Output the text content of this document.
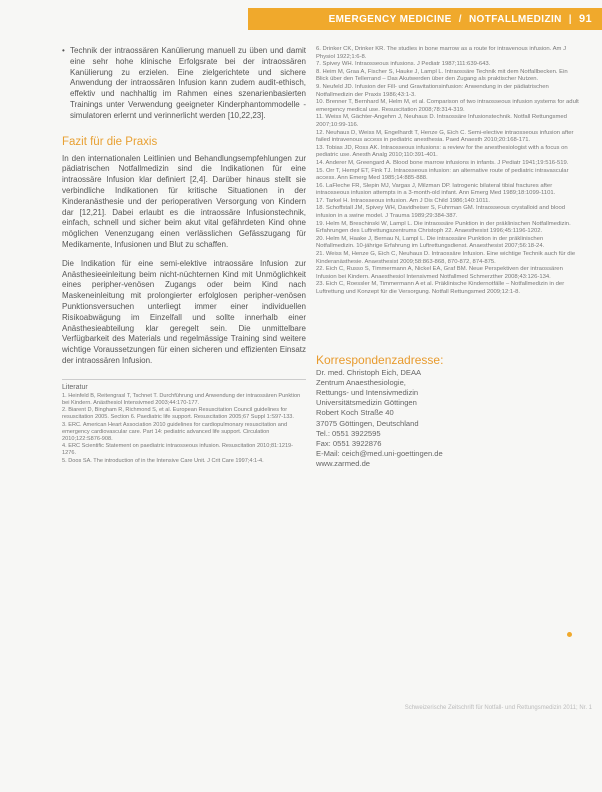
EMERGENCY MEDICINE / NOTFALLMEDIZIN | 91

• Technik der intraossären Kanülierung manuell zu üben und damit eine sehr hohe klinische Erfolgsrate bei der intraossären Kanülierung zu erzielen. Eine zielgerichtete und sichere Anwendung der intraossären Infusion kann zudem audit-ethisch, effektiv und nachhaltig im Rahmen eines szenarienbasierten Trainings unter Verwendung geeigneter Kinderphantommodelle -simulatoren erlernt und verinnerlicht werden [10,22,23].

Fazit für die Praxis

In den internationalen Leitlinien und Behandlungsempfehlungen zur pädiatrischen Notfallmedizin sind die Indikationen für eine intraossäre Infusion klar definiert [2,4]. Darüber hinaus stellt sie verbindliche Indikationen für kritische Situationen in der Kinderanästhesie und der perioperativen Versorgung von Kindern dar [12,21]. Dabei erlaubt es die intraossäre Infusionstechnik, einfach, schnell und sicher beim akut vital gefährdeten Kind ohne möglichen Venenzugang einen verlässlichen Gefässzugang für Medikamente, Infusionen und Blut zu schaffen.

Die Indikation für eine semi-elektive intraossäre Infusion zur Anästhesieeinleitung beim nicht-nüchternen Kind mit Unmöglichkeit eines peripher-venösen Zugangs oder beim Kind nach Maskeneinleitung mit prolongierter erfolglosen peripher-venösen Punktionsversuchen unterliegt immer einer individuellen Risikoabwägung im Einzelfall und sollte innerhalb einer Anästhesieabteilung klar geregelt sein. Die unmittelbare Verfügbarkeit des Materials und regelmässige Training sind weitere wichtige Voraussetzungen für einen sicheren und effizienten Einsatz der intraossären Infusion.

Literatur
1. Heinfeld B, Reitengrasl T, Tschnet T. Durchführung und Anwendung der intraossären Punktion bei Kindern. Anästhesiol Intensivmed 2003;44:170-177.
2. Biarent D, Bingham R, Richmond S, et al. European Resuscitation Council guidelines for resuscitation 2005. Section 6. Paediatric life support. Resuscitation 2005;67 Suppl 1:S97-133.
3. ERC. American Heart Association 2010 guidelines for cardiopulmonary resuscitation and emergency cardiovascular care. Part 14: pediatric advanced life support. Circulation 2010;122:S876-908.
4. ERC Scientific Statement on paediatric intraosseous infusion. Resuscitation 2010;81:1219-1276.
5. Doos SA. The introduction of in the Intensive Care Unit. J Crit Care 1997;4:1-4.
6. Drinker CK, Drinker KR. The studies in bone marrow as a route for intravenous infusion. Am J Physiol 1922;1:6-8.
7. Spivey WH. Intraosseous infusions. J Pediatr 1987;111:639-643.
8. Heim M, Graa A, Fischer S, Hauke J, Lampl L. Intraossäre Technik mit dem Notfallbecken. Ein Blick über den Tellerrand – Das Akutwerden über den Zugang als praktischer Nutzen.
9. Neufeld JD. Infusion der Fill- und Gravitationsinfusion: Anwendung in der pädiatrischen Notfallmedizin der Praxis 1986;43:1-3.
10. Brenner T, Bernhard M, Helm M, et al. Comparison of two intraosseous infusion systems for adult emergency medical use. Resuscitation 2008;78:314-319.
11. Weiss M, Gächter-Angehrn J, Neuhaus D. Intraossäre Infusionstechnik. Notfall Rettungsmed 2007;10:99-116.
12. Neuhaus D, Weiss M, Engelhardt T, Henze G, Eich C. Semi-elective intraosseous infusion after failed intravenous access in pediatric anesthesia. Paed Anaesth 2010;20:168-171.
13. Tobias JD, Ross AK. Intraosseous infusions: a review for the anesthesiologist with a focus on pediatric use. Anesth Analg 2010;110:391-401.
14. Anderer M, Greengard A. Blood bone marrow infusions in infants. J Pediatr 1941;19:516-519.
15. Orr T, Hempf ET, Fink TJ. Intraosseous infusion: an alternative route of pediatric intravascular access. Ann Emerg Med 1985;14:885-888.
16. LaFleche FR, Slepin MJ, Vargas J, Milzman DP. Iatrogenic bilateral tibial fractures after intraosseous infusion attempts in a 3-month-old infant. Ann Emerg Med 1989;18:1099-1101.
17. Tarkel H. Intraosseous infusion. Am J Dis Child 1986;140:1011.
18. Schoffstall JM, Spivey WH, Davidheiser S, Fuhrman GM. Intraosseous crystalloid and blood infusion in a swine model. J Trauma 1989;29:384-387.
19. Helm M, Breschinski W, Lampl L. Die intraossäre Punktion in der präklinischen Notfallmedizin. Erfahrungen des Luftrettungszentrums Christoph 22. Anaesthesist 1996;45:1196-1202.
20. Helm M, Haake J, Bernau N, Lampl L. Die intraossäre Punktion in der präklinischen Notfallmedizin. 10-jährige Erfahrung im Luftrettungsdienst. Anaesthesist 2007;56:18-24.
21. Weiss M, Henze G, Eich C, Neuhaus D. Intraossäre Infusion. Eine wichtige Technik auch für die Kinderanästhesie. Anaesthesist 2009;58:863-868, 870-872, 874-875.
22. Eich C, Russo S, Timmermann A, Nickel EA, Graf BM. Neue Perspektiven der intraossären Infusion bei Kindern. Anaesthesiol Intensivmed Notfallmed Schmerzther 2008;43:126-134.
23. Eich C, Roessler M, Timmermann A et al. Präklinische Kindernotfälle – Notfallmedizin in der Luftrettung und Konzept für die Versorgung. Notfall Rettungsmed 2009;12:1-8.
Korrespondenzadresse:

Dr. med. Christoph Eich, DEAA

Zentrum Anaesthesiologie,

Rettungs- und Intensivmedizin

Universitätsmedizin Göttingen

Robert Koch Straße 40

37075 Göttingen, Deutschland

Tel.: 0551 3922595

Fax: 0551 3922876

E-Mail: ceich@med.uni-goettingen.de

www.zarmed.de

Schweizerische Zeitschrift für Notfall- und Rettungsmedizin 2011; Nr. 1
